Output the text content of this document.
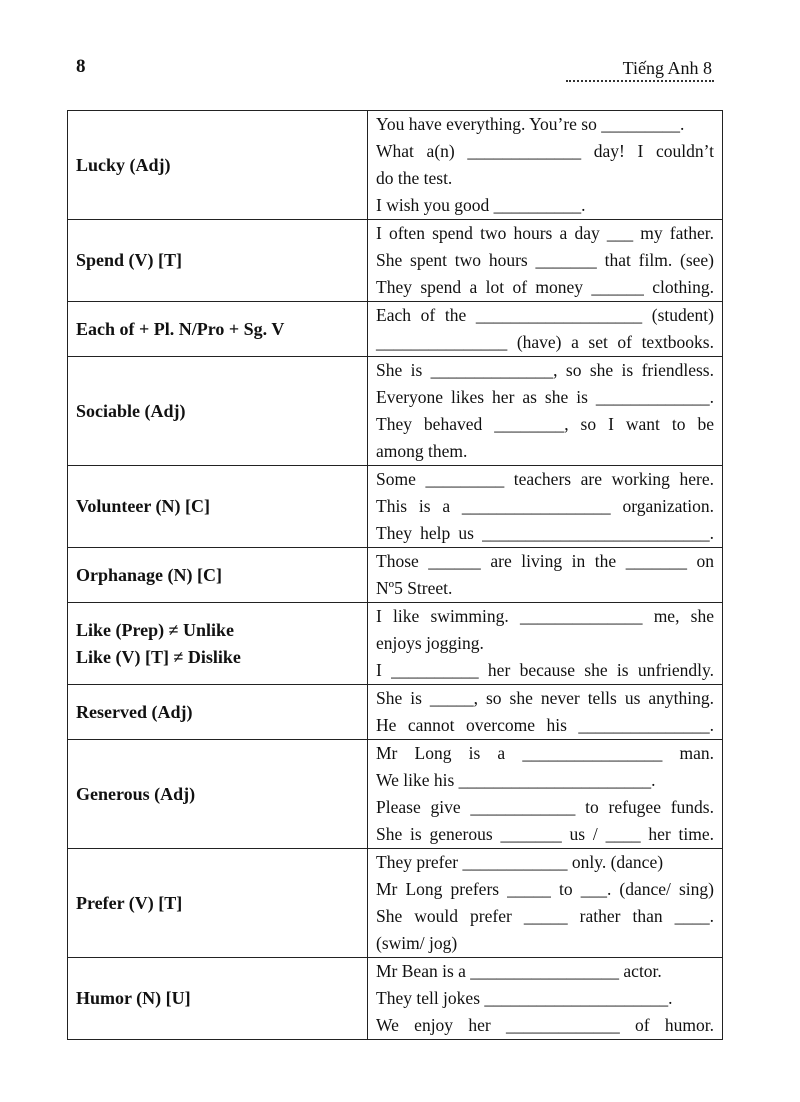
8	Tiếng Anh 8
Lucky (Adj)	You have everything. You’re so _________.
What a(n) _____________ day! I couldn’t
do the test.
I wish you good __________.

Spend (V) [T]	I often spend two hours a day ___ my father.
She spent two hours _______ that film. (see)
They spend a lot of money ______ clothing.

Each of + Pl. N/Pro + Sg. V	Each of the ___________________ (student)
_______________ (have) a set of textbooks.

Sociable (Adj)	She is ______________, so she is friendless.
Everyone likes her as she is _____________.
They behaved ________, so I want to be
among them.

Volunteer (N) [C]	Some _________ teachers are working here.
This is a _________________ organization.
They help us __________________________.

Orphanage (N) [C]	Those ______ are living in the _______ on
Nº5 Street.

Like (Prep) ≠ Unlike
Like (V) [T] ≠ Dislike	I like swimming. ______________ me, she
enjoys jogging.
I __________ her because she is unfriendly.

Reserved (Adj)	She is _____, so she never tells us anything.
He cannot overcome his _______________.

Generous (Adj)	Mr Long is a ________________ man.
We like his ______________________.
Please give ____________ to refugee funds.
She is generous _______ us / ____ her time.

Prefer (V) [T]	They prefer ____________ only. (dance)
Mr Long prefers _____ to ___. (dance/ sing)
She would prefer _____ rather than ____.
(swim/ jog)

Humor (N) [U]	Mr Bean is a _________________ actor.
They tell jokes _____________________.
We enjoy her _____________ of humor.
